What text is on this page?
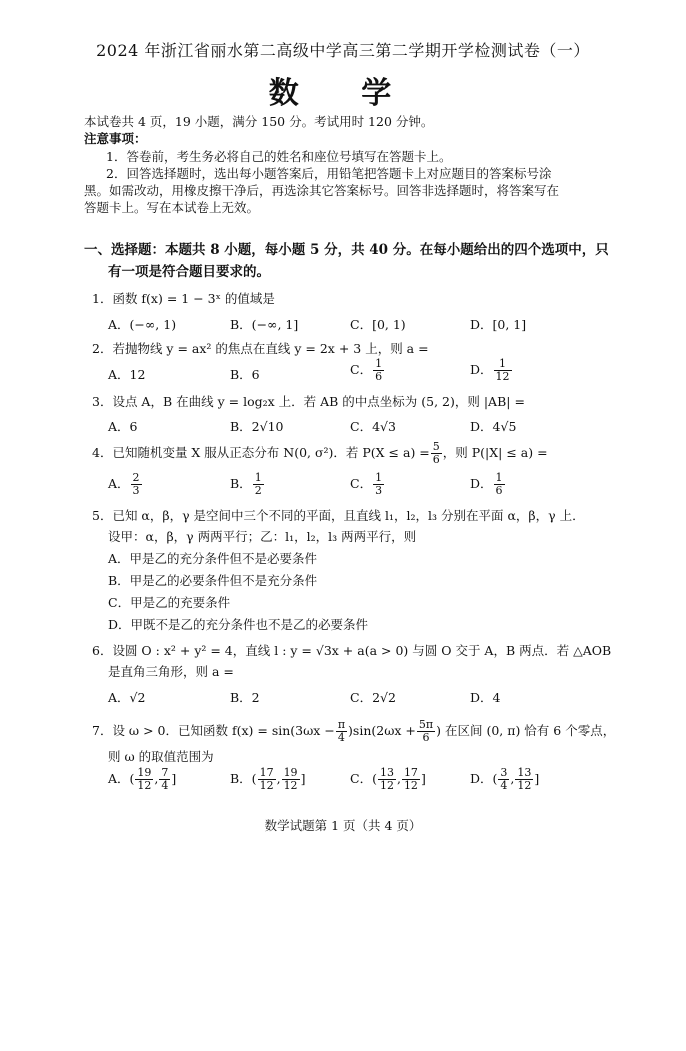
2024 年浙江省丽水第二高级中学高三第二学期开学检测试卷（一）
数 学
本试卷共 4 页，19 小题，满分 150 分。考试用时 120 分钟。
注意事项：
1．答卷前，考生务必将自己的姓名和座位号填写在答题卡上。
2．回答选择题时，选出每小题答案后，用铅笔把答题卡上对应题目的答案标号涂
黑。如需改动，用橡皮擦干净后，再选涂其它答案标号。回答非选择题时，将答案写在
答题卡上。写在本试卷上无效。
一、选择题：本题共 8 小题，每小题 5 分，共 40 分。在每小题给出的四个选项中，只
有一项是符合题目要求的。
1．函数 f(x) = 1 − 3ˣ 的值域是
A．(−∞, 1)	B．(−∞, 1]	C．[0, 1)	D．[0, 1]
2．若抛物线 y = ax² 的焦点在直线 y = 2x + 3 上，则 a =
A．12	B．6	C． $\frac{1}{6}$	D． $\frac{1}{12}$
3．设点 A，B 在曲线 y = log₂x 上．若 AB 的中点坐标为 (5, 2)，则 |AB| =
A．6	B．2√10	C．4√3	D．4√5
4．已知随机变量 X 服从正态分布 N(0, σ²)．若 $P(X \le a) = \frac{5}{6}$ ，则 P(|X| ≤ a) =
A． $\frac{2}{3}$	B． $\frac{1}{2}$	C． $\frac{1}{3}$	D． $\frac{1}{6}$
5．已知 α，β，γ 是空间中三个不同的平面，且直线 l₁，l₂，l₃ 分别在平面 α，β，γ 上．
设甲：α，β，γ 两两平行；乙：l₁，l₂，l₃ 两两平行，则
A．甲是乙的充分条件但不是必要条件
B．甲是乙的必要条件但不是充分条件
C．甲是乙的充要条件
D．甲既不是乙的充分条件也不是乙的必要条件
6．设圆 O : x² + y² = 4，直线 l : y = √3x + a(a > 0) 与圆 O 交于 A，B 两点．若 △AOB
是直角三角形，则 a =
A．√2	B．2	C．2√2	D．4
7．设 ω > 0．已知函数 $f(x) = \sin(3\omega x - \frac{\pi}{4} )\sin(2\omega x + \frac{5\pi}{6}$ ) 在区间 (0, π) 恰有 6 个零点，
则 ω 的取值范围为
A．( $\frac{19}{12}$ , $\frac{7}{4}$ ]	B．( $\frac{17}{12}$ , $\frac{19}{12}$ ]	C．( $\frac{13}{12}$ , $\frac{17}{12}$ ]	D．( $\frac{3}{4}$ , $\frac{13}{12}$ ]
数学试题第 1 页（共 4 页）
